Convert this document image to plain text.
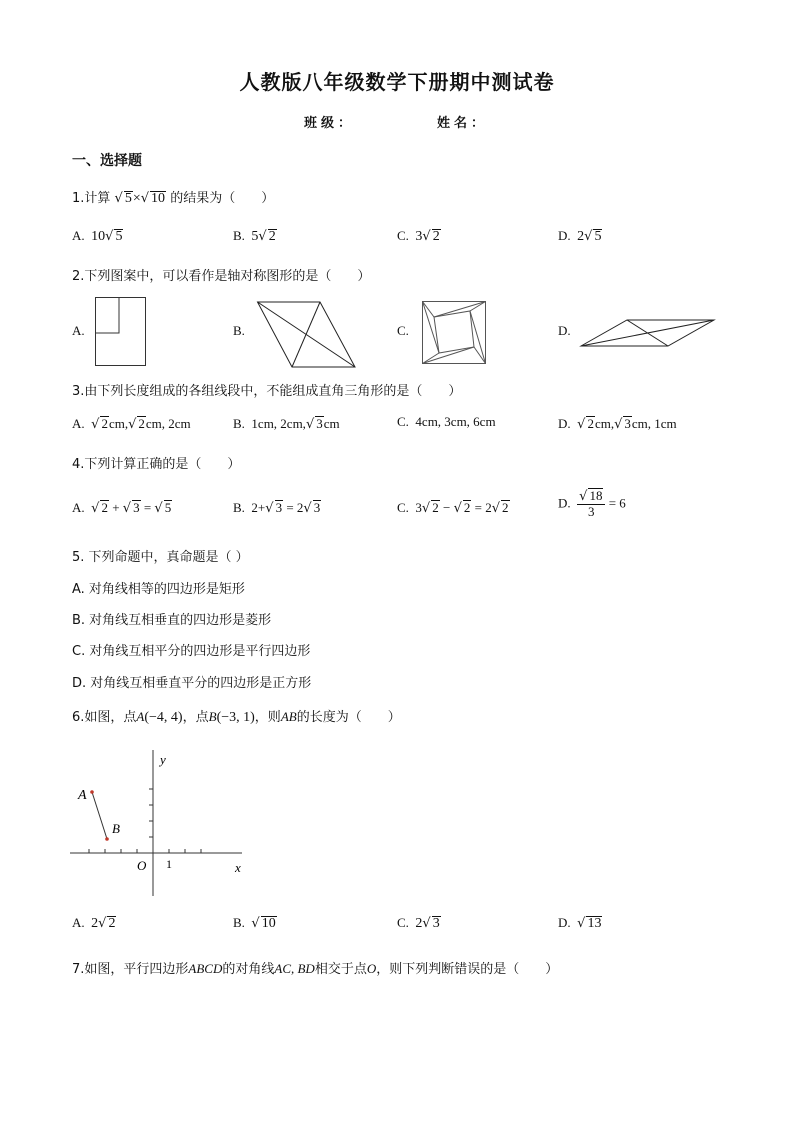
人教版八年级数学下册期中测试卷
班级：	姓名：
一、选择题
1.计算 √ 5×√ 10 的结果为（　　）
A. 10√ 5	B. 5√ 2	C. 3√ 2	D. 2√ 5
2.下列图案中，可以看作是轴对称图形的是（　　）
A.	B.	C.	D.
3.由下列长度组成的各组线段中，不能组成直角三角形的是（　　）
A. √ 2cm,√ 2cm, 2cm	B. 1cm, 2cm,√ 3cm	C. 4cm, 3cm, 6cm	D. √ 2cm,√ 3cm, 1cm
4.下列计算正确的是（　　）
A. √ 2 + √ 3 = √ 5	B. 2+√ 3 = 2√ 3	C. 3√ 2 − √ 2 = 2√ 2	D. $\frac{√ 18}{3} = 6$
5. 下列命题中，真命题是（ ）
A. 对角线相等的四边形是矩形
B. 对角线互相垂直的四边形是菱形
C. 对角线互相平分的四边形是平行四边形
D. 对角线互相垂直平分的四边形是正方形
6.如图，点A(−4, 4)，点B(−3, 1)，则AB的长度为（　　）
A
B
y
x
O 1
A. 2√ 2	B. √ 10	C. 2√ 3	D. √ 13
7.如图，平行四边形ABCD的对角线AC, BD相交于点O，则下列判断错误的是（　　）
